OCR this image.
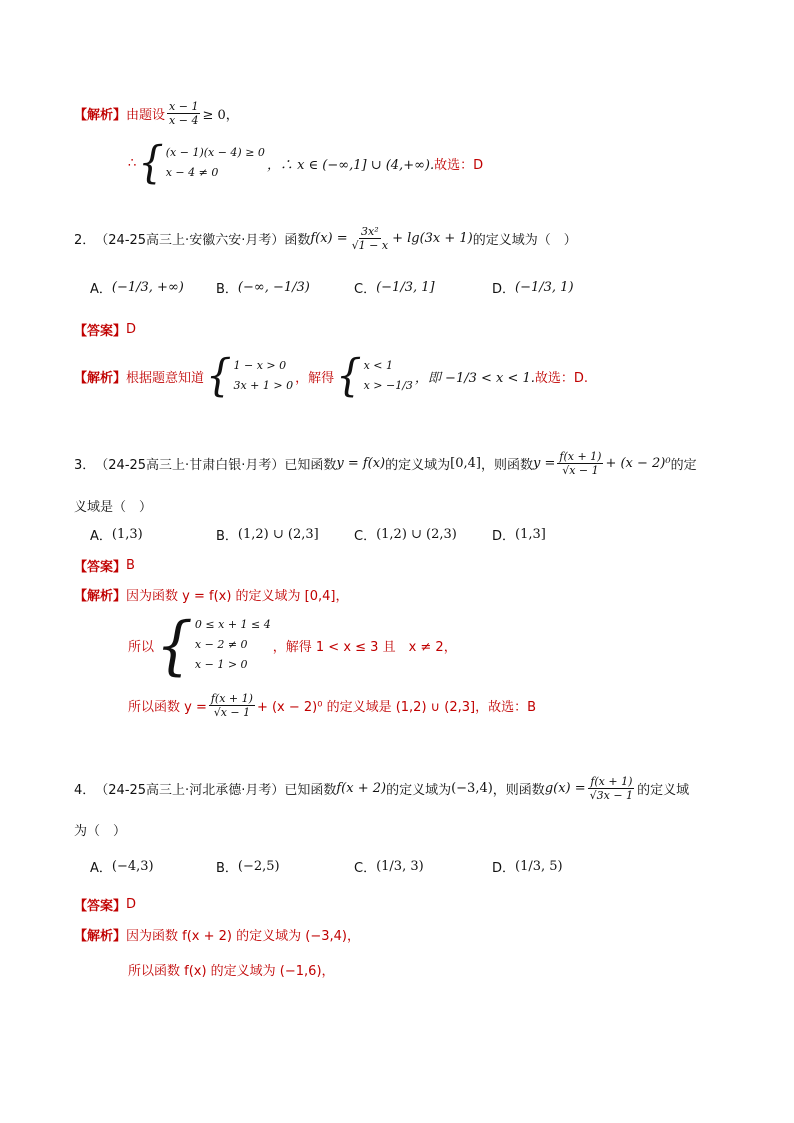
【解析】 由题设 $\frac{x - 1}{x - 4} \ge 0$，
∴ { (x − 1)(x − 4) ≥ 0
x − 4 ≠ 0	，∴ x ∈ (−∞,1] ∪ (4,+∞). 故选：D
2． （24-25高三上·安徽六安·月考） 函数 $f(x) = \frac{\text{3x²}}{√1 - x} + \lg(3x + 1)$ 的定义域为（　）
A． (−1/3, +∞) B． (−∞, −1/3)	C． (−1/3, 1]	D． (−1/3, 1)
【答案】 D
【解析】 根据题意知道 { 1 − x > 0
3x + 1 > 0 ，解得 { x < 1
x > −1/3 ，即 −1/3 < x < 1. 故选：D.
3． （24-25高三上·甘肃白银·月考） 已知函数 y = f(x) 的定义域为 [0,4] ，则函数 $y = \frac{f(x + 1)}{√x - 1} + (x - 2)^0$ 的定
义域是（　）
A． (1,3)	B． (1,2) ∪ (2,3]	C． (1,2) ∪ (2,3)	D． (1,3]
【答案】 B
【解析】 因为函数 y = f(x) 的定义域为 [0,4]，
所以 { 0 ≤ x + 1 ≤ 4
x − 2 ≠ 0
x − 1 > 0
，解得 1 < x ≤ 3 且　x ≠ 2，
所以函数 $y = \frac{f(x + 1)}{√x - 1} + (x - 2)^0$ 的定义域是 (1,2) ∪ (2,3]， 故选：B
4． （24-25高三上·河北承德·月考） 已知函数 f(x + 2) 的定义域为 (−3,4) ，则函数 $g(x) = \frac{f(x + 1)}{√3x - 1}$ 的定义域
为（　）
A． (−4,3)	B． (−2,5)	C． (1/3, 3)	D． (1/3, 5)
【答案】 D
【解析】 因为函数 f(x + 2) 的定义域为 (−3,4)，
所以函数 f(x) 的定义域为 (−1,6)，
